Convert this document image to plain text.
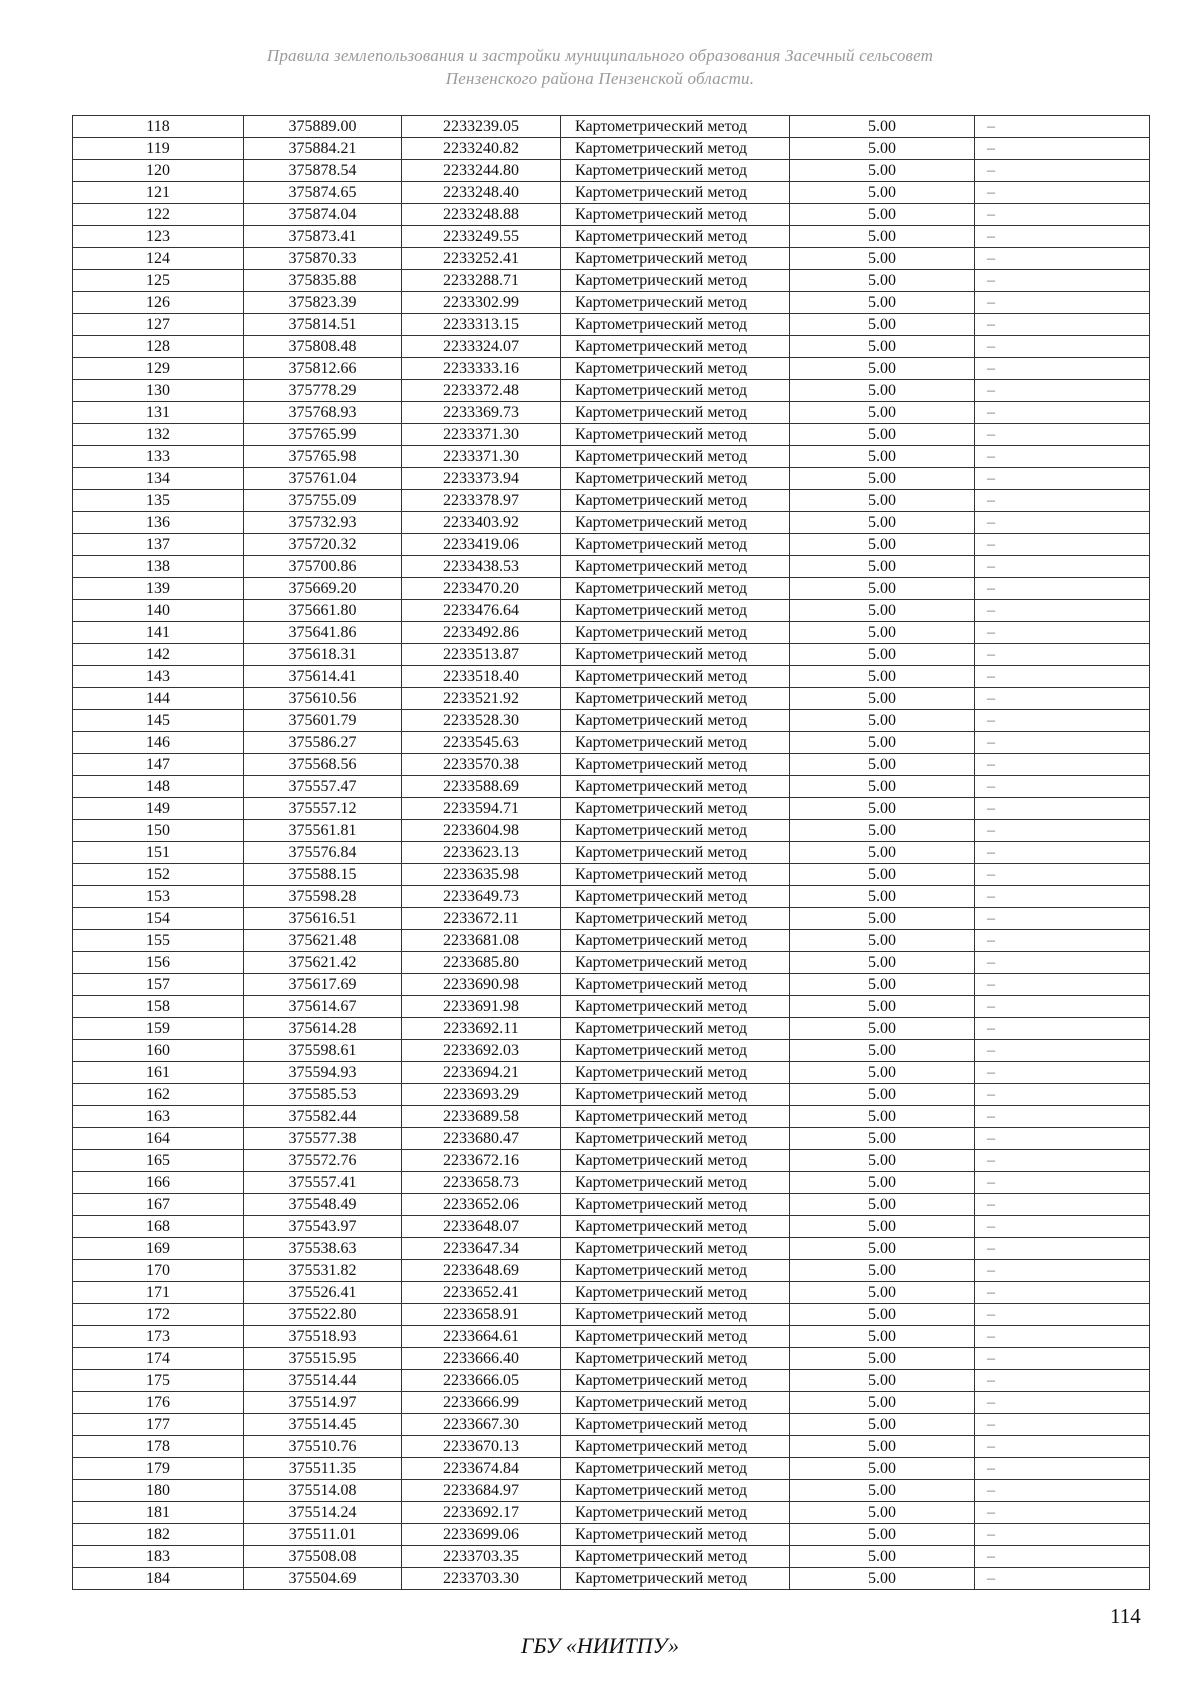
Правила землепользования и застройки муниципального образования Засечный сельсовет
Пензенского района Пензенской области.
118	375889.00	2233239.05	Картометрический метод	5.00	–
119	375884.21	2233240.82	Картометрический метод	5.00	–
120	375878.54	2233244.80	Картометрический метод	5.00	–
121	375874.65	2233248.40	Картометрический метод	5.00	–
122	375874.04	2233248.88	Картометрический метод	5.00	–
123	375873.41	2233249.55	Картометрический метод	5.00	–
124	375870.33	2233252.41	Картометрический метод	5.00	–
125	375835.88	2233288.71	Картометрический метод	5.00	–
126	375823.39	2233302.99	Картометрический метод	5.00	–
127	375814.51	2233313.15	Картометрический метод	5.00	–
128	375808.48	2233324.07	Картометрический метод	5.00	–
129	375812.66	2233333.16	Картометрический метод	5.00	–
130	375778.29	2233372.48	Картометрический метод	5.00	–
131	375768.93	2233369.73	Картометрический метод	5.00	–
132	375765.99	2233371.30	Картометрический метод	5.00	–
133	375765.98	2233371.30	Картометрический метод	5.00	–
134	375761.04	2233373.94	Картометрический метод	5.00	–
135	375755.09	2233378.97	Картометрический метод	5.00	–
136	375732.93	2233403.92	Картометрический метод	5.00	–
137	375720.32	2233419.06	Картометрический метод	5.00	–
138	375700.86	2233438.53	Картометрический метод	5.00	–
139	375669.20	2233470.20	Картометрический метод	5.00	–
140	375661.80	2233476.64	Картометрический метод	5.00	–
141	375641.86	2233492.86	Картометрический метод	5.00	–
142	375618.31	2233513.87	Картометрический метод	5.00	–
143	375614.41	2233518.40	Картометрический метод	5.00	–
144	375610.56	2233521.92	Картометрический метод	5.00	–
145	375601.79	2233528.30	Картометрический метод	5.00	–
146	375586.27	2233545.63	Картометрический метод	5.00	–
147	375568.56	2233570.38	Картометрический метод	5.00	–
148	375557.47	2233588.69	Картометрический метод	5.00	–
149	375557.12	2233594.71	Картометрический метод	5.00	–
150	375561.81	2233604.98	Картометрический метод	5.00	–
151	375576.84	2233623.13	Картометрический метод	5.00	–
152	375588.15	2233635.98	Картометрический метод	5.00	–
153	375598.28	2233649.73	Картометрический метод	5.00	–
154	375616.51	2233672.11	Картометрический метод	5.00	–
155	375621.48	2233681.08	Картометрический метод	5.00	–
156	375621.42	2233685.80	Картометрический метод	5.00	–
157	375617.69	2233690.98	Картометрический метод	5.00	–
158	375614.67	2233691.98	Картометрический метод	5.00	–
159	375614.28	2233692.11	Картометрический метод	5.00	–
160	375598.61	2233692.03	Картометрический метод	5.00	–
161	375594.93	2233694.21	Картометрический метод	5.00	–
162	375585.53	2233693.29	Картометрический метод	5.00	–
163	375582.44	2233689.58	Картометрический метод	5.00	–
164	375577.38	2233680.47	Картометрический метод	5.00	–
165	375572.76	2233672.16	Картометрический метод	5.00	–
166	375557.41	2233658.73	Картометрический метод	5.00	–
167	375548.49	2233652.06	Картометрический метод	5.00	–
168	375543.97	2233648.07	Картометрический метод	5.00	–
169	375538.63	2233647.34	Картометрический метод	5.00	–
170	375531.82	2233648.69	Картометрический метод	5.00	–
171	375526.41	2233652.41	Картометрический метод	5.00	–
172	375522.80	2233658.91	Картометрический метод	5.00	–
173	375518.93	2233664.61	Картометрический метод	5.00	–
174	375515.95	2233666.40	Картометрический метод	5.00	–
175	375514.44	2233666.05	Картометрический метод	5.00	–
176	375514.97	2233666.99	Картометрический метод	5.00	–
177	375514.45	2233667.30	Картометрический метод	5.00	–
178	375510.76	2233670.13	Картометрический метод	5.00	–
179	375511.35	2233674.84	Картометрический метод	5.00	–
180	375514.08	2233684.97	Картометрический метод	5.00	–
181	375514.24	2233692.17	Картометрический метод	5.00	–
182	375511.01	2233699.06	Картометрический метод	5.00	–
183	375508.08	2233703.35	Картометрический метод	5.00	–
184	375504.69	2233703.30	Картометрический метод	5.00	–
114
ГБУ «НИИТПУ»
